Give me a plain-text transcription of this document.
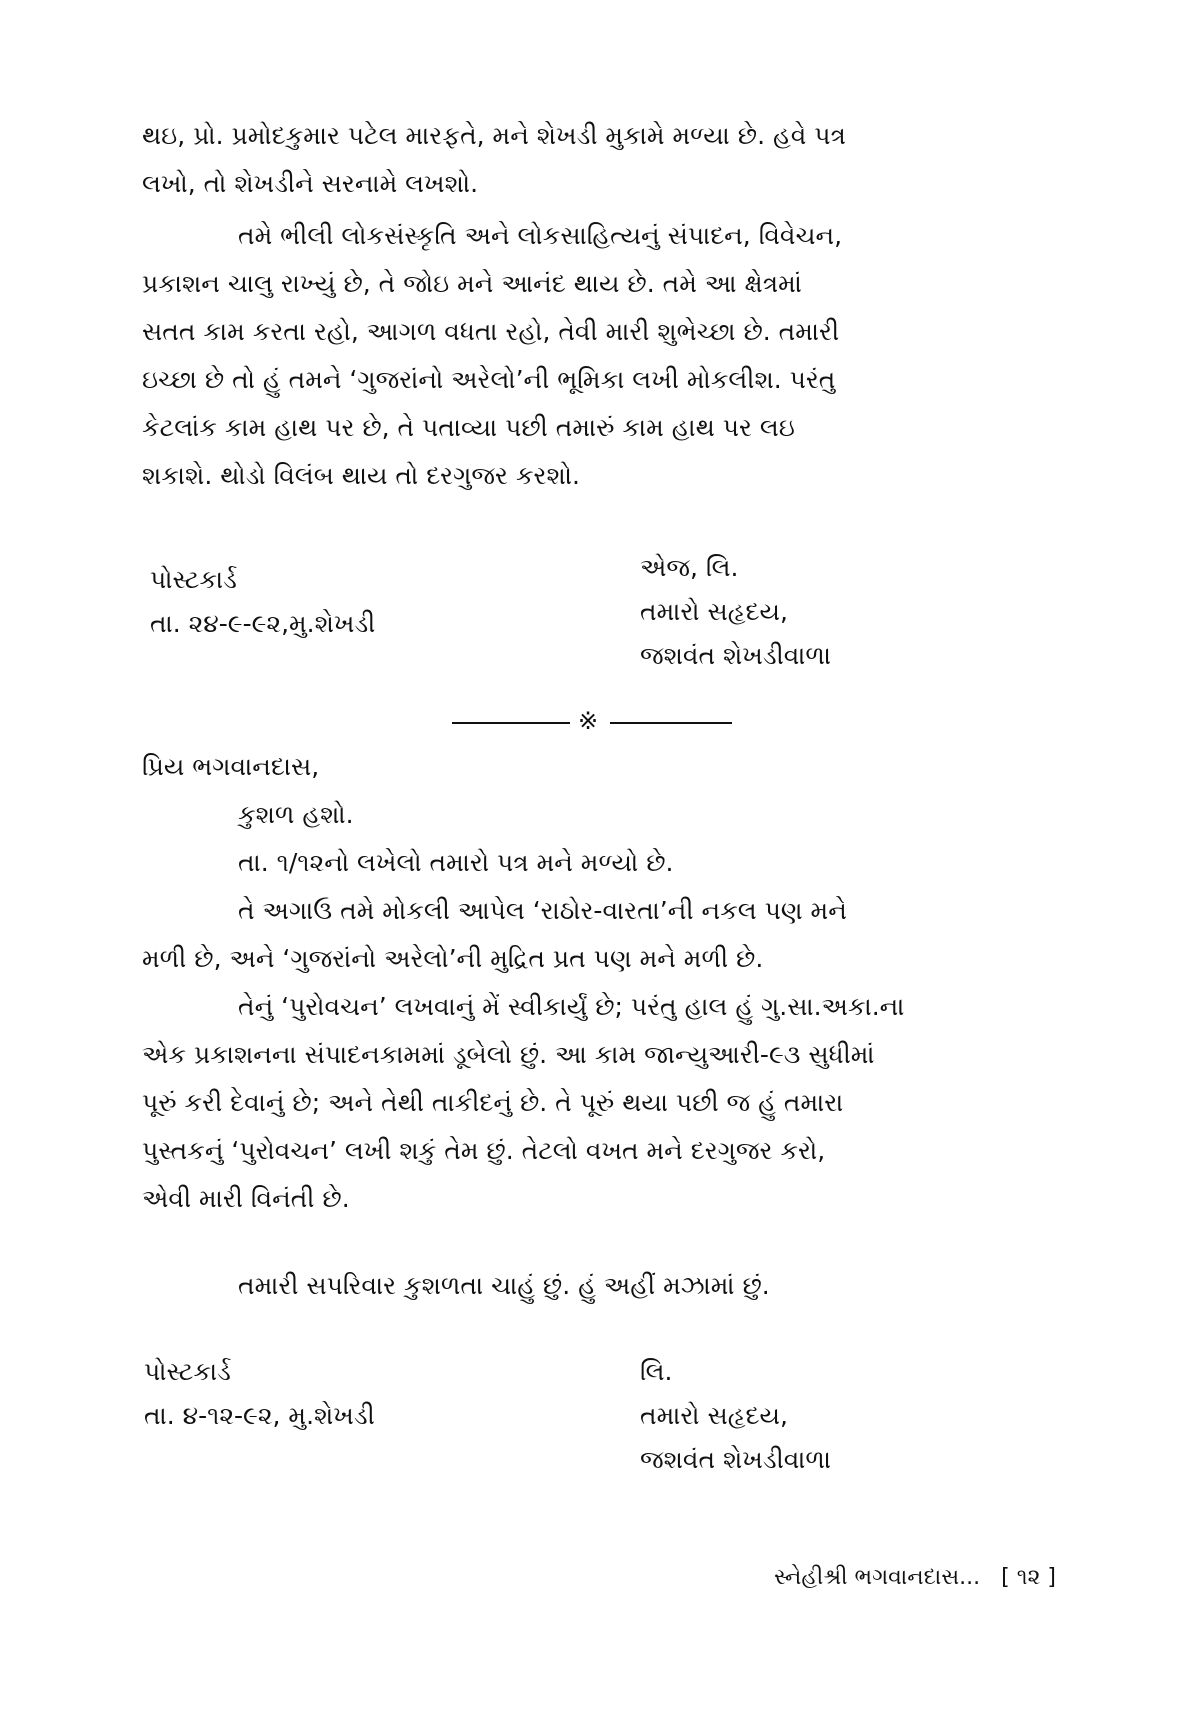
થઇ, પ્રો. પ્રમોદકુમાર પટેલ મારફતે, મને શેખડી મુકામે મળ્યા છે. હવે પત્ર
લખો, તો શેખડીને સરનામે લખશો.
તમે ભીલી લોકસંસ્કૃતિ અને લોકસાહિત્યનું સંપાદન, વિવેચન,
પ્રકાશન ચાલુ રાખ્યું છે, તે જોઇ મને આનંદ થાય છે. તમે આ ક્ષેત્રમાં
સતત કામ કરતા રહો, આગળ વધતા રહો, તેવી મારી શુભેચ્છા છે. તમારી
ઇચ્છા છે તો હું તમને ‘ગુજરાંનો અરેલો’ની ભૂમિકા લખી મોકલીશ. પરંતુ
કેટલાંક કામ હાથ પર છે, તે પતાવ્યા પછી તમારું કામ હાથ પર લઇ
શકાશે. થોડો વિલંબ થાય તો દરગુજર કરશો.
પોસ્ટકાર્ડ
તા. ૨૪-૯-૯૨,મુ.શેખડી
એજ, લિ.
તમારો સહૃદય,
જશવંત શેખડીવાળા
※
પ્રિય ભગવાનદાસ,
કુશળ હશો.
તા. ૧/૧૨નો લખેલો તમારો પત્ર મને મળ્યો છે.
તે અગાઉ તમે મોકલી આપેલ ‘રાઠોર-વારતા’ની નકલ પણ મને
મળી છે, અને ‘ગુજરાંનો અરેલો’ની મુદ્રિત પ્રત પણ મને મળી છે.
તેનું ‘પુરોવચન’ લખવાનું મેં સ્વીકાર્યું છે; પરંતુ હાલ હું ગુ.સા.અકા.ના
એક પ્રકાશનના સંપાદનકામમાં ડૂબેલો છું. આ કામ જાન્યુઆરી-૯૩ સુધીમાં
પૂરું કરી દેવાનું છે; અને તેથી તાકીદનું છે. તે પૂરું થયા પછી જ હું તમારા
પુસ્તકનું ‘પુરોવચન’ લખી શકું તેમ છું. તેટલો વખત મને દરગુજર કરો,
એવી મારી વિનંતી છે.
તમારી સપરિવાર કુશળતા ચાહું છું. હું અહીં મઝામાં છું.
પોસ્ટકાર્ડ
તા. ૪-૧૨-૯૨, મુ.શેખડી
લિ.
તમારો સહૃદય,
જશવંત શેખડીવાળા
સ્નેહીશ્રી ભગવાનદાસ... [ ૧૨ ]
